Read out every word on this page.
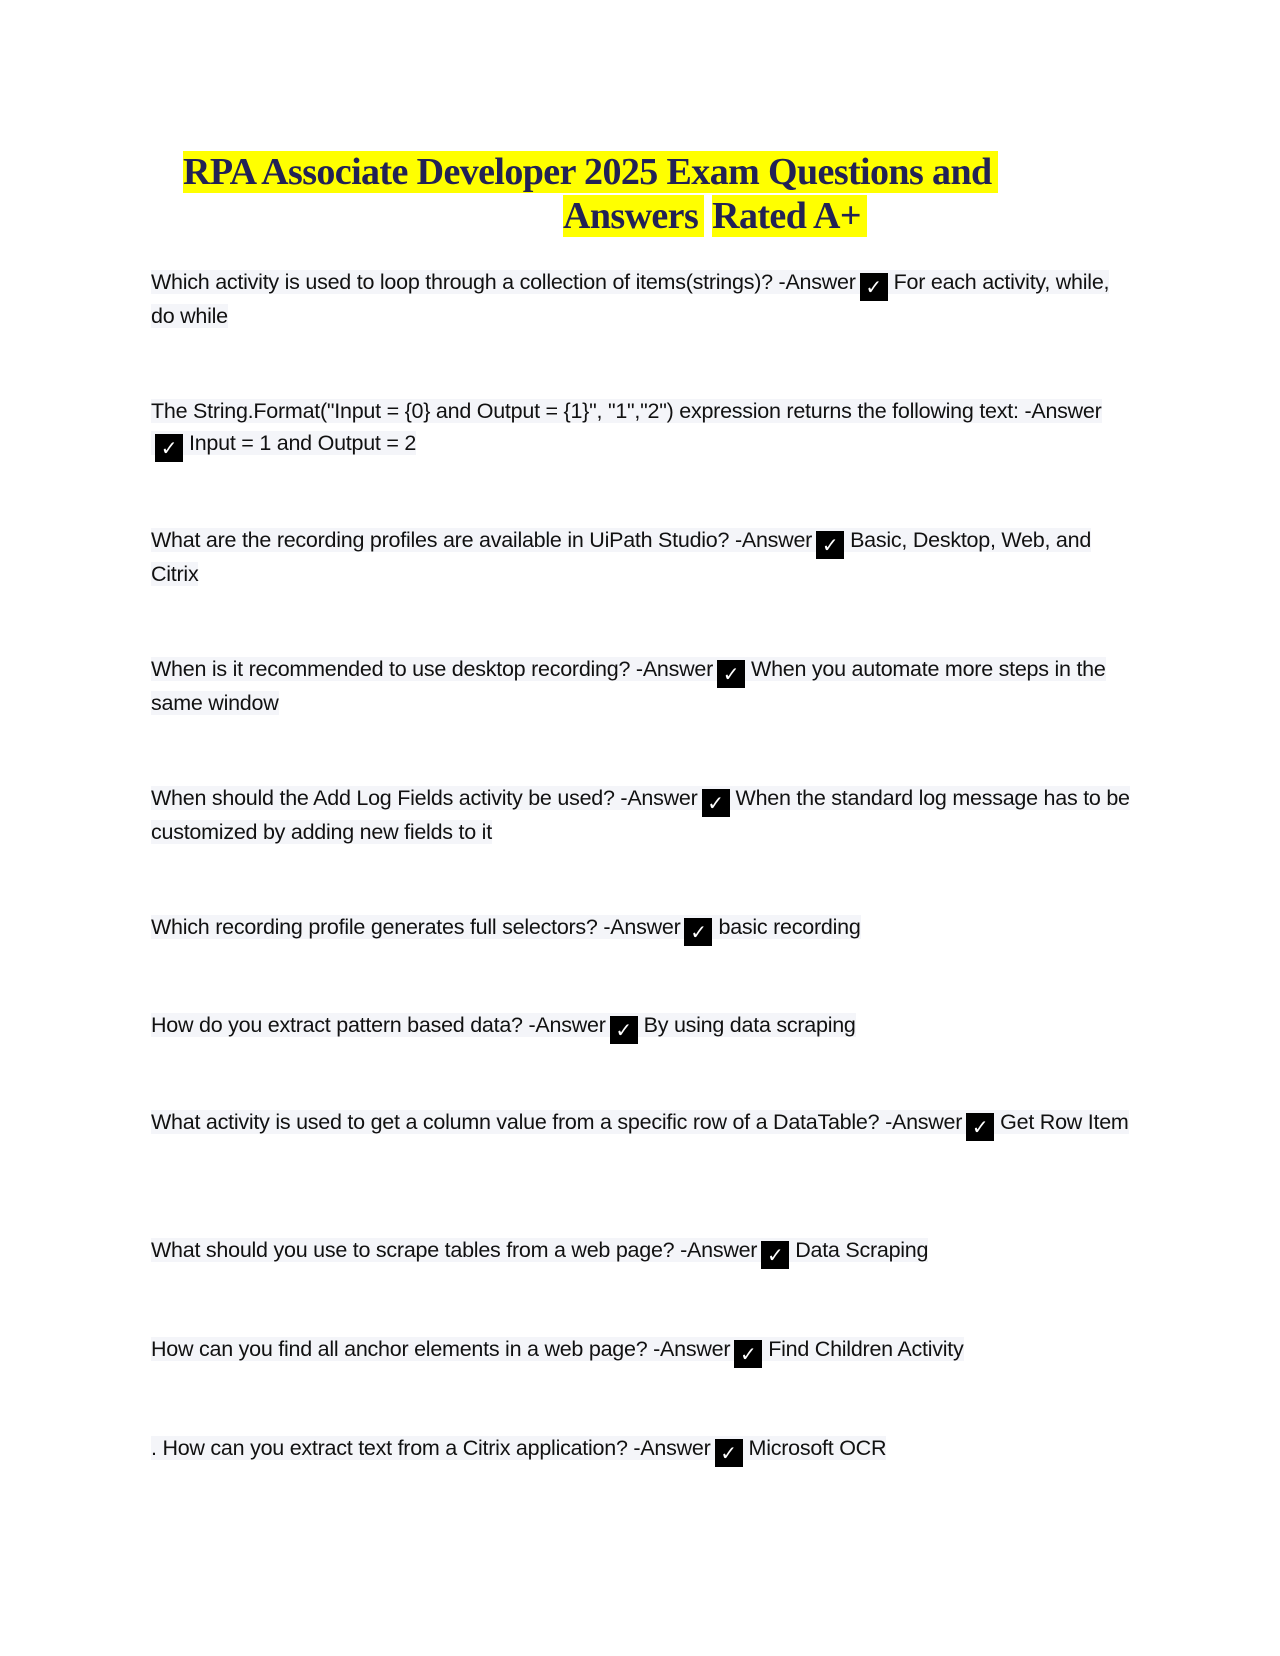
RPA Associate Developer 2025 Exam Questions and
Answers Rated A+
Which activity is used to loop through a collection of items(strings)? -Answer ✓ For each activity, while, do while
The String.Format("Input = {0} and Output = {1}", "1","2") expression returns the following text: -Answer✓ Input = 1 and Output = 2
What are the recording profiles are available in UiPath Studio? -Answer ✓ Basic, Desktop, Web, and Citrix
When is it recommended to use desktop recording? -Answer ✓ When you automate more steps in the same window
When should the Add Log Fields activity be used? -Answer ✓ When the standard log message has to be customized by adding new fields to it
Which recording profile generates full selectors? -Answer ✓ basic recording
How do you extract pattern based data? -Answer ✓ By using data scraping
What activity is used to get a column value from a specific row of a DataTable? -Answer ✓ Get Row Item
What should you use to scrape tables from a web page? -Answer ✓ Data Scraping
How can you find all anchor elements in a web page? -Answer ✓ Find Children Activity
. How can you extract text from a Citrix application? -Answer ✓ Microsoft OCR
